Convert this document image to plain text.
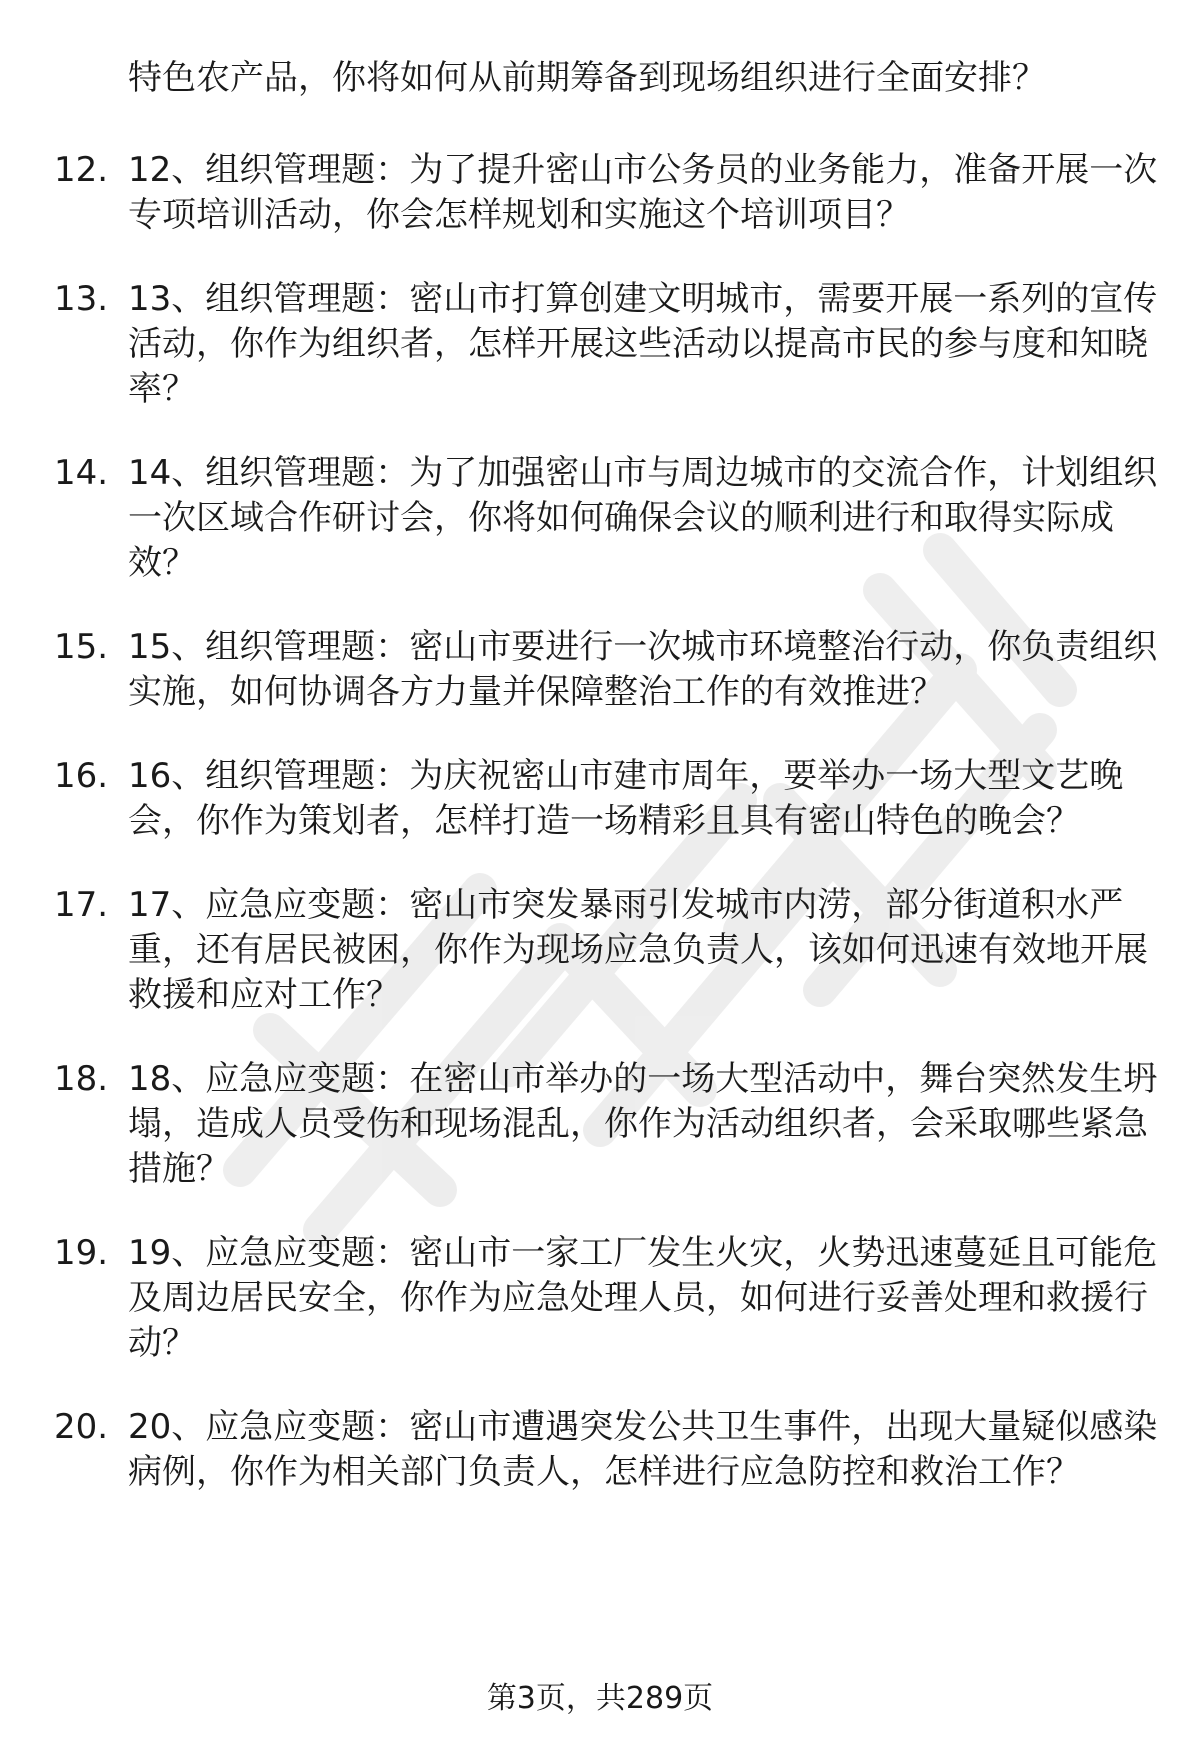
特色农产品，你将如何从前期筹备到现场组织进行全面安排？

12. 12、组织管理题：为了提升密山市公务员的业务能力，准备开展一次专项培训活动，你会怎样规划和实施这个培训项目？
13. 13、组织管理题：密山市打算创建文明城市，需要开展一系列的宣传活动，你作为组织者，怎样开展这些活动以提高市民的参与度和知晓率？
14. 14、组织管理题：为了加强密山市与周边城市的交流合作，计划组织一次区域合作研讨会，你将如何确保会议的顺利进行和取得实际成效？
15. 15、组织管理题：密山市要进行一次城市环境整治行动，你负责组织实施，如何协调各方力量并保障整治工作的有效推进？
16. 16、组织管理题：为庆祝密山市建市周年，要举办一场大型文艺晚会，你作为策划者，怎样打造一场精彩且具有密山特色的晚会？
17. 17、应急应变题：密山市突发暴雨引发城市内涝，部分街道积水严重，还有居民被困，你作为现场应急负责人，该如何迅速有效地开展救援和应对工作？
18. 18、应急应变题：在密山市举办的一场大型活动中，舞台突然发生坍塌，造成人员受伤和现场混乱，你作为活动组织者，会采取哪些紧急措施？
19. 19、应急应变题：密山市一家工厂发生火灾，火势迅速蔓延且可能危及周边居民安全，你作为应急处理人员，如何进行妥善处理和救援行动？
20. 20、应急应变题：密山市遭遇突发公共卫生事件，出现大量疑似感染病例，你作为相关部门负责人，怎样进行应急防控和救治工作？
第3页，共289页
